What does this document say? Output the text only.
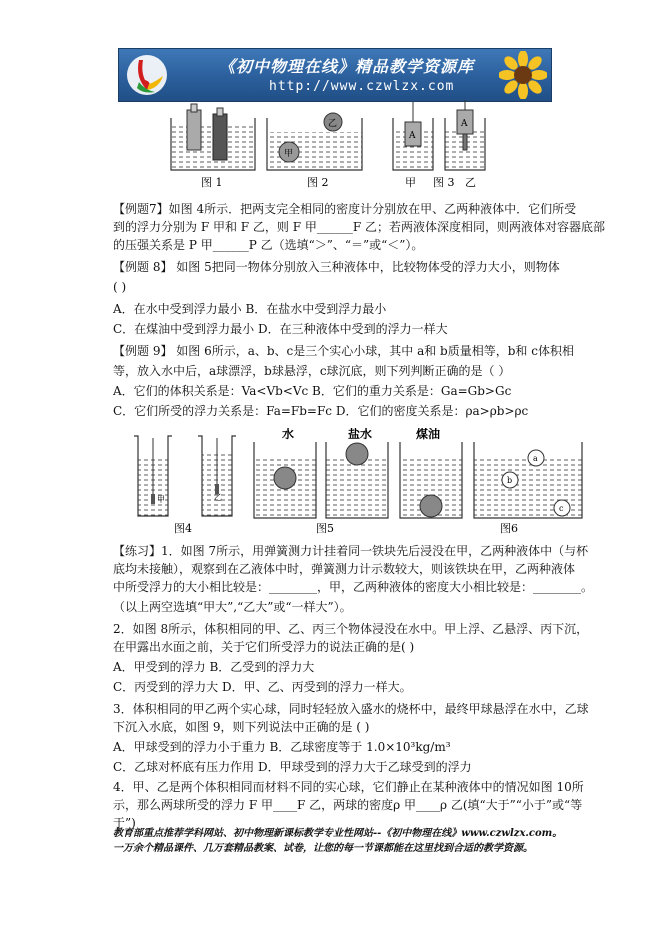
《初中物理在线》精品教学资源库
http://www.czwlzx.com
图 1
乙
甲
图 2
A
甲
A
图 3 乙
【例题7】如图 4所示．把两支完全相同的密度计分别放在甲、乙两种液体中．它们所受
到的浮力分别为 F 甲和 F 乙，则 F 甲______F 乙；若两液体深度相同，则两液体对容器底部
的压强关系是 P 甲______P 乙（选填“＞”、“＝”或“＜”）。
【例题 8】 如图 5把同一物体分别放入三种液体中，比较物体受的浮力大小，则物体
( )
A．在水中受到浮力最小 B．在盐水中受到浮力最小
C．在煤油中受到浮力最小 D．在三种液体中受到的浮力一样大
【例题 9】 如图 6所示，a、b、c是三个实心小球，其中 a和 b质量相等，b和 c体积相
等，放入水中后，a球漂浮，b球悬浮，c球沉底，则下列判断正确的是（ ）
A．它们的体积关系是：Va<Vb<Vc B．它们的重力关系是：Ga=Gb>Gc
C．它们所受的浮力关系是：Fa=Fb=Fc D．它们的密度关系是：ρa>ρb>ρc
甲	乙
图4
水	盐水	煤油
图5
a
b
c
图6
【练习】1．如图 7所示，用弹簧测力计挂着同一铁块先后浸没在甲，乙两种液体中（与杯
底均未接触），观察到在乙液体中时，弹簧测力计示数较大，则该铁块在甲，乙两种液体
中所受浮力的大小相比较是：________，甲，乙两种液体的密度大小相比较是：________。
（以上两空选填“甲大”,“乙大”或“一样大”）。
2．如图 8所示，体积相同的甲、乙、丙三个物体浸没在水中。甲上浮、乙悬浮、丙下沉，
在甲露出水面之前，关于它们所受浮力的说法正确的是( )
A．甲受到的浮力 B．乙受到的浮力大
C．丙受到的浮力大 D．甲、乙、丙受到的浮力一样大。
3．体积相同的甲乙两个实心球，同时轻轻放入盛水的烧杯中，最终甲球悬浮在水中，乙球
下沉入水底，如图 9，则下列说法中正确的是 ( )
A．甲球受到的浮力小于重力 B．乙球密度等于 1.0×10³kg/m³
C．乙球对杯底有压力作用 D．甲球受到的浮力大于乙球受到的浮力
4．甲、乙是两个体积相同而材料不同的实心球，它们静止在某种液体中的情况如图 10所
示，那么两球所受的浮力 F 甲____F 乙，两球的密度ρ 甲____ρ 乙(填“大于”“小于”或“等
于”)
教育部重点推荐学科网站、初中物理新课标教学专业性网站--《初中物理在线》www.czwlzx.com。一万余个精品课件、几万套精品教案、试卷，让您的每一节课都能在这里找到合适的教学资源。
